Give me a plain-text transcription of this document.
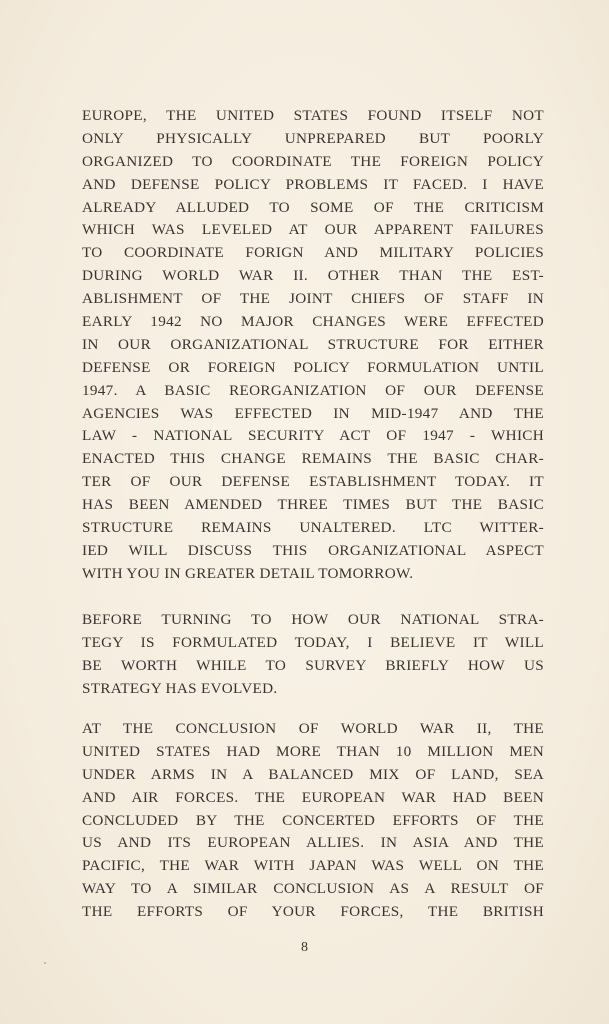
EUROPE, THE UNITED STATES FOUND ITSELF NOT
ONLY PHYSICALLY UNPREPARED BUT POORLY
ORGANIZED TO COORDINATE THE FOREIGN POLICY
AND DEFENSE POLICY PROBLEMS IT FACED. I HAVE
ALREADY ALLUDED TO SOME OF THE CRITICISM
WHICH WAS LEVELED AT OUR APPARENT FAILURES
TO COORDINATE FORIGN AND MILITARY POLICIES
DURING WORLD WAR II. OTHER THAN THE EST-
ABLISHMENT OF THE JOINT CHIEFS OF STAFF IN
EARLY 1942 NO MAJOR CHANGES WERE EFFECTED
IN OUR ORGANIZATIONAL STRUCTURE FOR EITHER
DEFENSE OR FOREIGN POLICY FORMULATION UNTIL
1947. A BASIC REORGANIZATION OF OUR DEFENSE
AGENCIES WAS EFFECTED IN MID-1947 AND THE
LAW - NATIONAL SECURITY ACT OF 1947 - WHICH
ENACTED THIS CHANGE REMAINS THE BASIC CHAR-
TER OF OUR DEFENSE ESTABLISHMENT TODAY. IT
HAS BEEN AMENDED THREE TIMES BUT THE BASIC
STRUCTURE REMAINS UNALTERED. LTC WITTER-
IED WILL DISCUSS THIS ORGANIZATIONAL ASPECT
WITH YOU IN GREATER DETAIL TOMORROW.
BEFORE TURNING TO HOW OUR NATIONAL STRA-
TEGY IS FORMULATED TODAY, I BELIEVE IT WILL
BE WORTH WHILE TO SURVEY BRIEFLY HOW US
STRATEGY HAS EVOLVED.
AT THE CONCLUSION OF WORLD WAR II, THE
UNITED STATES HAD MORE THAN 10 MILLION MEN
UNDER ARMS IN A BALANCED MIX OF LAND, SEA
AND AIR FORCES. THE EUROPEAN WAR HAD BEEN
CONCLUDED BY THE CONCERTED EFFORTS OF THE
US AND ITS EUROPEAN ALLIES. IN ASIA AND THE
PACIFIC, THE WAR WITH JAPAN WAS WELL ON THE
WAY TO A SIMILAR CONCLUSION AS A RESULT OF
THE EFFORTS OF YOUR FORCES, THE BRITISH
8
